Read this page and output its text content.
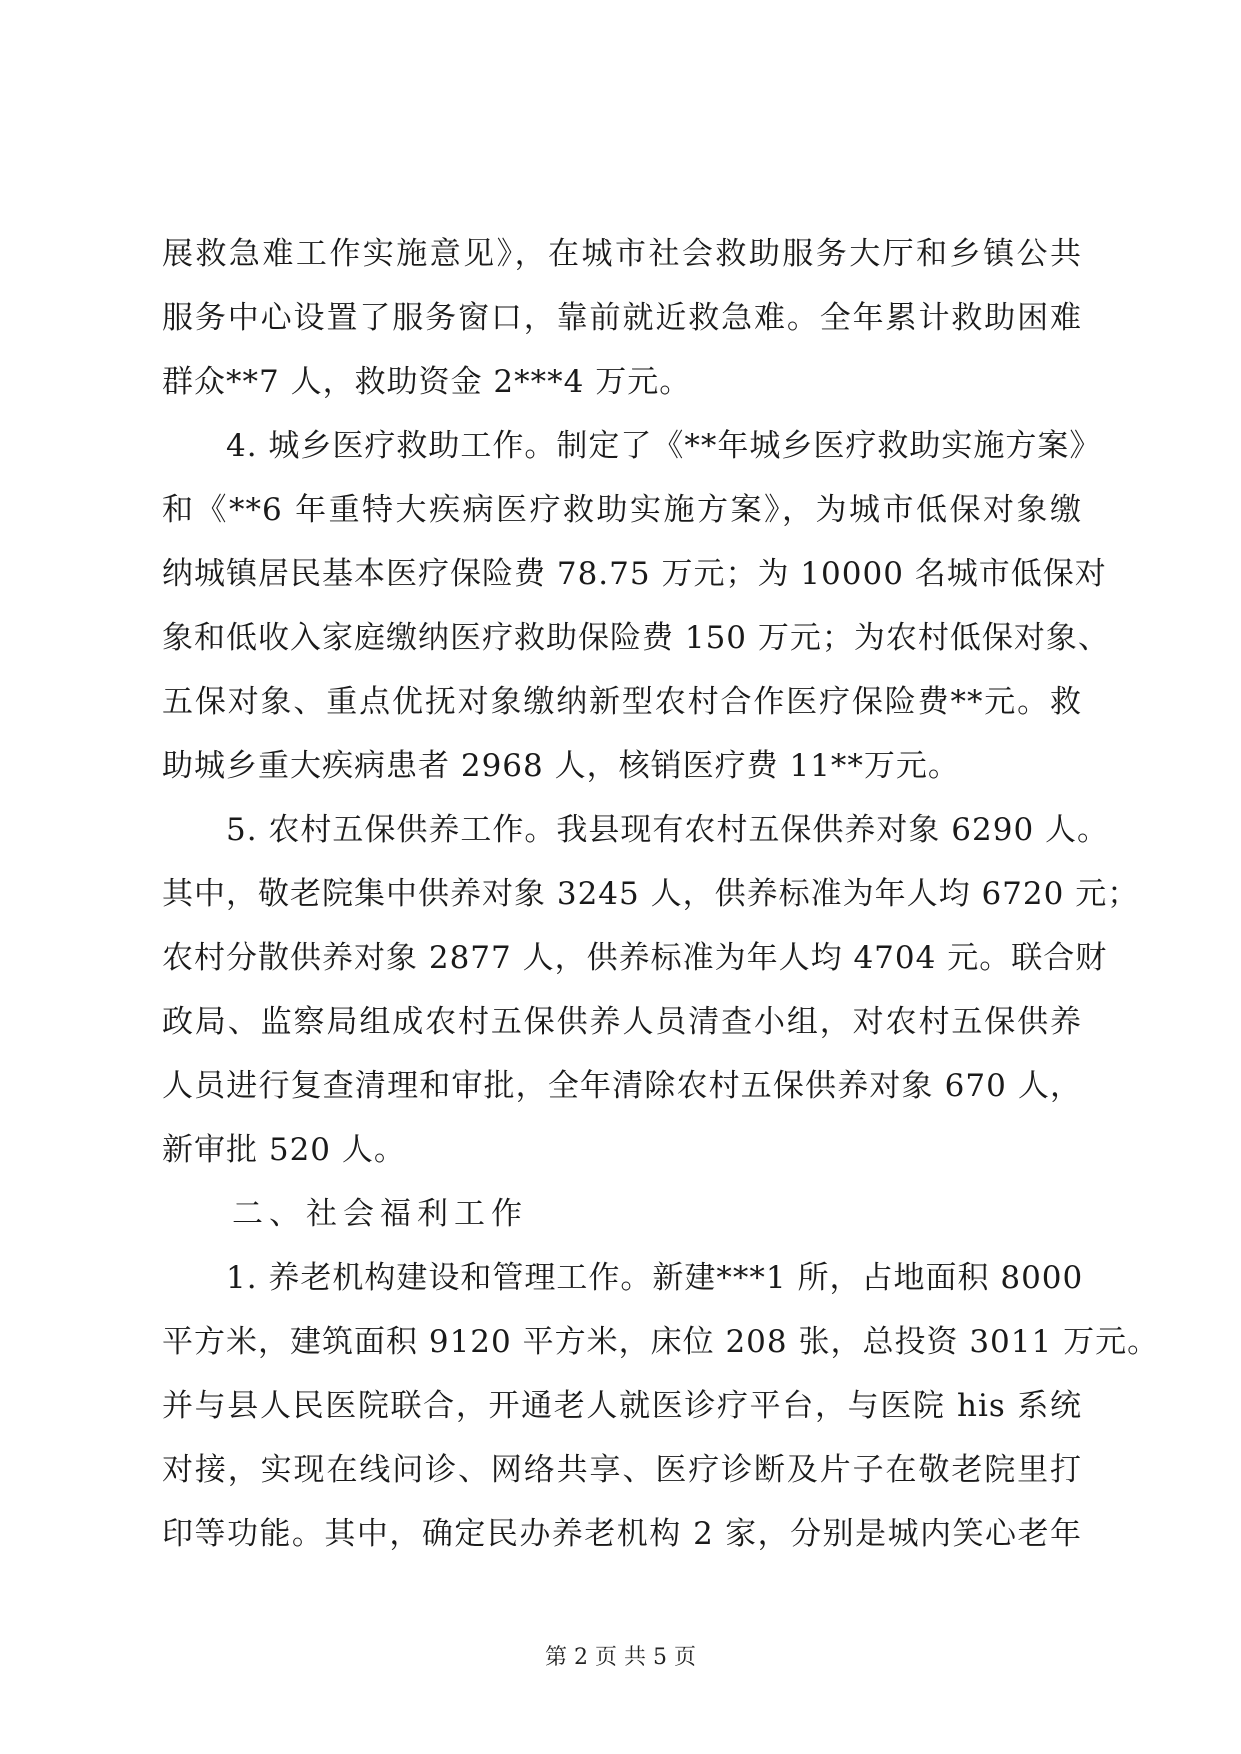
展救急难工作实施意见》，在城市社会救助服务大厅和乡镇公共
服务中心设置了服务窗口，靠前就近救急难。全年累计救助困难
群众**7 人，救助资金 2***4 万元。
4. 城乡医疗救助工作。制定了《**年城乡医疗救助实施方案》
和《**6 年重特大疾病医疗救助实施方案》，为城市低保对象缴
纳城镇居民基本医疗保险费 78.75 万元；为 10000 名城市低保对
象和低收入家庭缴纳医疗救助保险费 150 万元；为农村低保对象、
五保对象、重点优抚对象缴纳新型农村合作医疗保险费**元。救
助城乡重大疾病患者 2968 人，核销医疗费 11**万元。
5. 农村五保供养工作。我县现有农村五保供养对象 6290 人。
其中，敬老院集中供养对象 3245 人，供养标准为年人均 6720 元；
农村分散供养对象 2877 人，供养标准为年人均 4704 元。联合财
政局、监察局组成农村五保供养人员清查小组，对农村五保供养
人员进行复查清理和审批，全年清除农村五保供养对象 670 人，
新审批 520 人。
二、社会福利工作
1. 养老机构建设和管理工作。新建***1 所，占地面积 8000
平方米，建筑面积 9120 平方米，床位 208 张，总投资 3011 万元。
并与县人民医院联合，开通老人就医诊疗平台，与医院 his 系统
对接，实现在线问诊、网络共享、医疗诊断及片子在敬老院里打
印等功能。其中，确定民办养老机构 2 家，分别是城内笑心老年
第 2 页 共 5 页
